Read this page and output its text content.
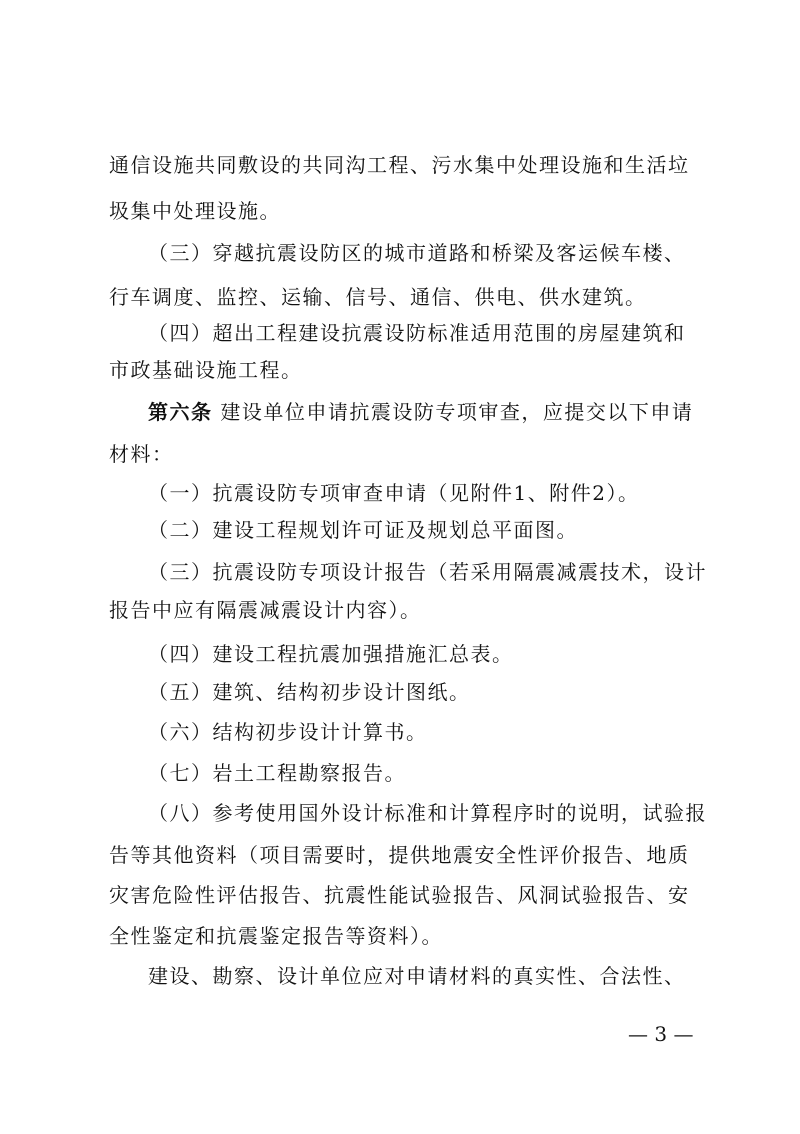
通信设施共同敷设的共同沟工程、污水集中处理设施和生活垃
圾集中处理设施。
（三）穿越抗震设防区的城市道路和桥梁及客运候车楼、
行车调度、监控、运输、信号、通信、供电、供水建筑。
（四）超出工程建设抗震设防标准适用范围的房屋建筑和
市政基础设施工程。
第六条 建设单位申请抗震设防专项审查，应提交以下申请
材料：
（一）抗震设防专项审查申请（见附件1、附件2）。
（二）建设工程规划许可证及规划总平面图。
（三）抗震设防专项设计报告（若采用隔震减震技术，设计
报告中应有隔震减震设计内容）。
（四）建设工程抗震加强措施汇总表。
（五）建筑、结构初步设计图纸。
（六）结构初步设计计算书。
（七）岩土工程勘察报告。
（八）参考使用国外设计标准和计算程序时的说明，试验报
告等其他资料（项目需要时，提供地震安全性评价报告、地质
灾害危险性评估报告、抗震性能试验报告、风洞试验报告、安
全性鉴定和抗震鉴定报告等资料）。
建设、勘察、设计单位应对申请材料的真实性、合法性、
— 3 —
